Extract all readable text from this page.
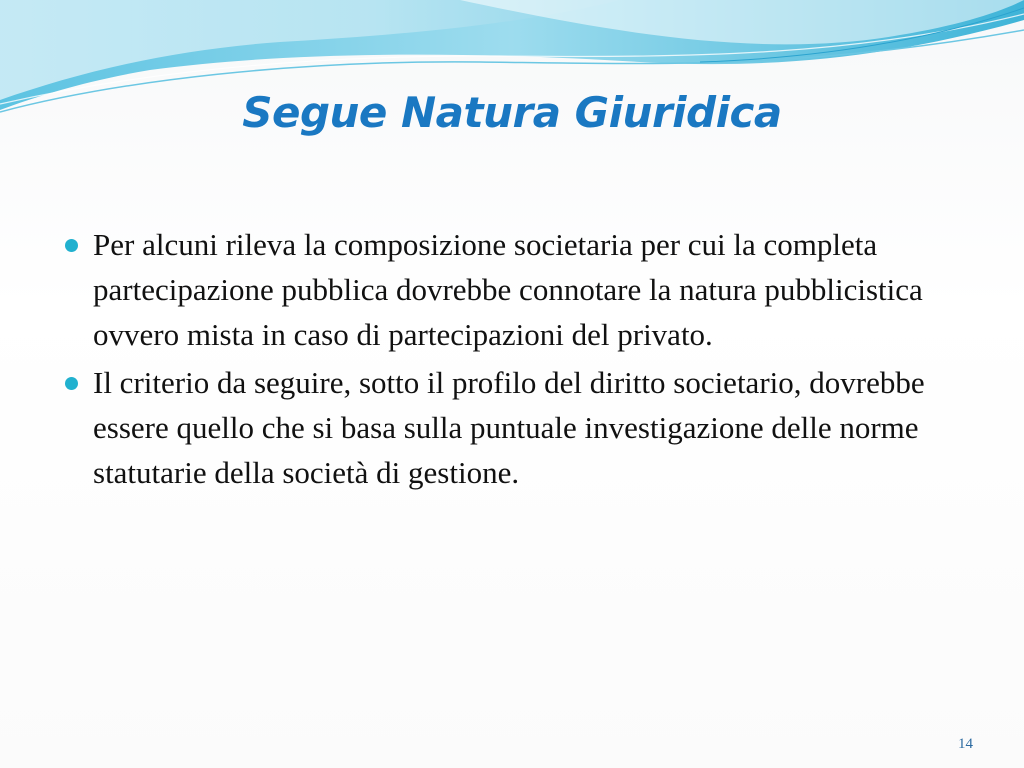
Segue Natura Giuridica
Per alcuni rileva la composizione societaria per cui la completa partecipazione pubblica dovrebbe connotare la natura pubblicistica ovvero mista in caso di partecipazioni del privato.
Il criterio da seguire, sotto il profilo del diritto societario, dovrebbe essere quello che si basa sulla puntuale investigazione delle norme statutarie della società di gestione.
14
